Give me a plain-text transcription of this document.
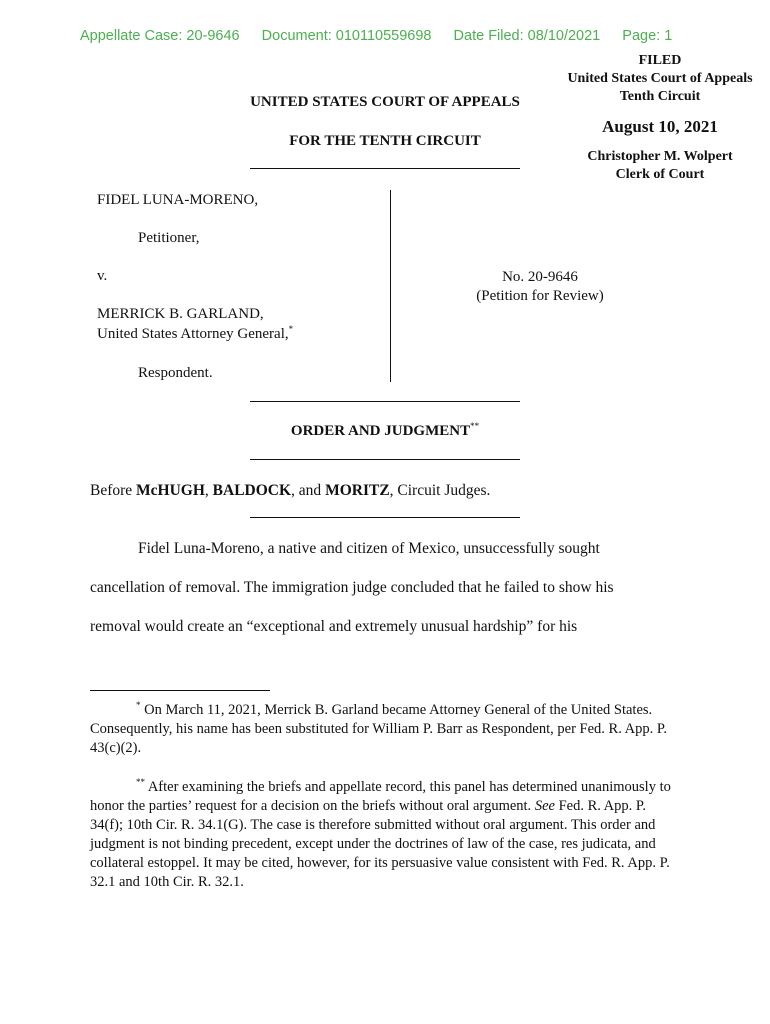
Appellate Case: 20-9646 Document: 010110559698 Date Filed: 08/10/2021 Page: 1
FILED
United States Court of Appeals
Tenth Circuit
August 10, 2021
Christopher M. Wolpert
Clerk of Court
UNITED STATES COURT OF APPEALS
FOR THE TENTH CIRCUIT
FIDEL LUNA-MORENO,
Petitioner,
v.
MERRICK B. GARLAND,
United States Attorney General,*
Respondent.
No. 20-9646
(Petition for Review)
ORDER AND JUDGMENT**
Before McHUGH, BALDOCK, and MORITZ, Circuit Judges.
Fidel Luna-Moreno, a native and citizen of Mexico, unsuccessfully sought
cancellation of removal. The immigration judge concluded that he failed to show his
removal would create an “exceptional and extremely unusual hardship” for his
* On March 11, 2021, Merrick B. Garland became Attorney General of the United States. Consequently, his name has been substituted for William P. Barr as Respondent, per Fed. R. App. P. 43(c)(2).
** After examining the briefs and appellate record, this panel has determined unanimously to honor the parties’ request for a decision on the briefs without oral argument. See Fed. R. App. P. 34(f); 10th Cir. R. 34.1(G). The case is therefore submitted without oral argument. This order and judgment is not binding precedent, except under the doctrines of law of the case, res judicata, and collateral estoppel. It may be cited, however, for its persuasive value consistent with Fed. R. App. P. 32.1 and 10th Cir. R. 32.1.
